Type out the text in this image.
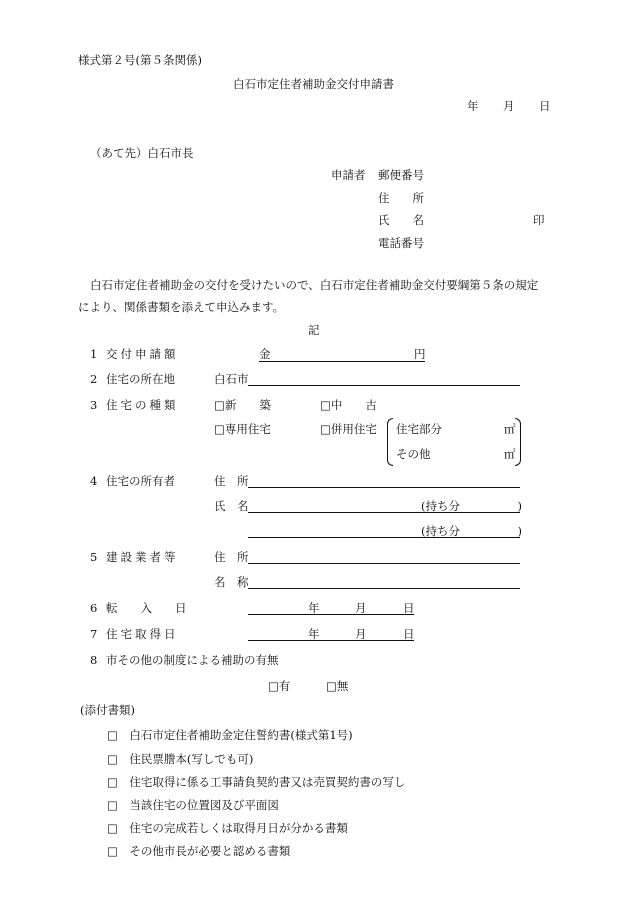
様式第２号(第５条関係)
白石市定住者補助金交付申請書
年 月 日
（あて先）白石市長
申請者 郵便番号
住　　所
氏　　名	印
電話番号
白石市定住者補助金の交付を受けたいので、白石市定住者補助金交付要綱第５条の規定
により、関係書類を添えて申込みます。
記
1 交付申請額	金	円
2 住宅の所在地	白石市
3 住宅の種類	□新　　築	□中　　古
□専用住宅	□併用住宅 住宅部分	㎡
その他	㎡
4 住宅の所有者	住　所
氏　名	(持ち分　　　　　)
(持ち分　　　　　)
5 建設業者等	住　所
名　称
6 転　　入　　日	年	月	日
7 住宅取得日	年	月	日
8 市その他の制度による補助の有無
□有	□無
(添付書類)
□　白石市定住者補助金定住誓約書(様式第1号)
□　住民票謄本(写しでも可)
□　住宅取得に係る工事請負契約書又は売買契約書の写し
□　当該住宅の位置図及び平面図
□　住宅の完成若しくは取得月日が分かる書類
□　その他市長が必要と認める書類
